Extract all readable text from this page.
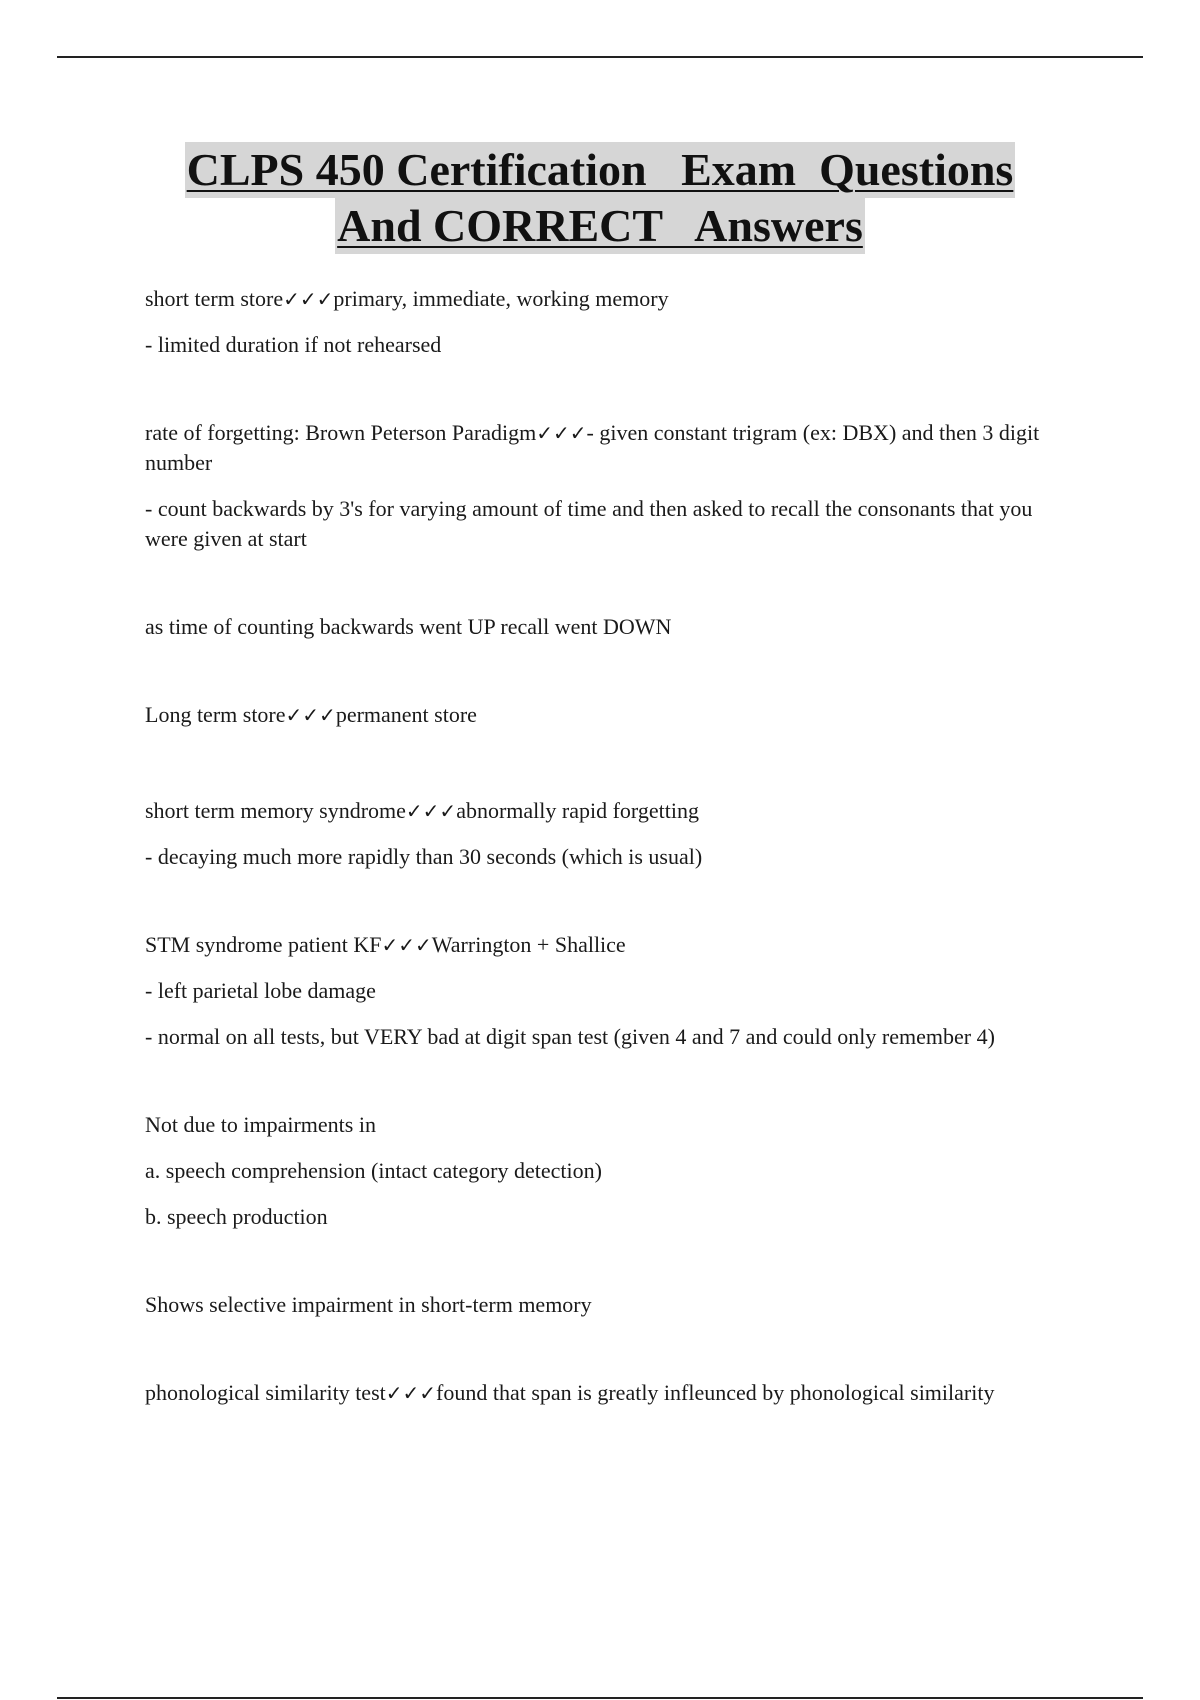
CLPS 450 Certification   Exam  Questions
And CORRECT   Answers

short term store✓✓✓primary, immediate, working memory

- limited duration if not rehearsed

rate of forgetting: Brown Peterson Paradigm✓✓✓- given constant trigram (ex: DBX) and then 3 digit number

- count backwards by 3's for varying amount of time and then asked to recall the consonants that you were given at start

as time of counting backwards went UP recall went DOWN

Long term store✓✓✓permanent store

short term memory syndrome✓✓✓abnormally rapid forgetting

- decaying much more rapidly than 30 seconds (which is usual)

STM syndrome patient KF✓✓✓Warrington + Shallice

- left parietal lobe damage

- normal on all tests, but VERY bad at digit span test (given 4 and 7 and could only remember 4)

Not due to impairments in

a. speech comprehension (intact category detection)

b. speech production

Shows selective impairment in short-term memory

phonological similarity test✓✓✓found that span is greatly infleunced by phonological similarity
